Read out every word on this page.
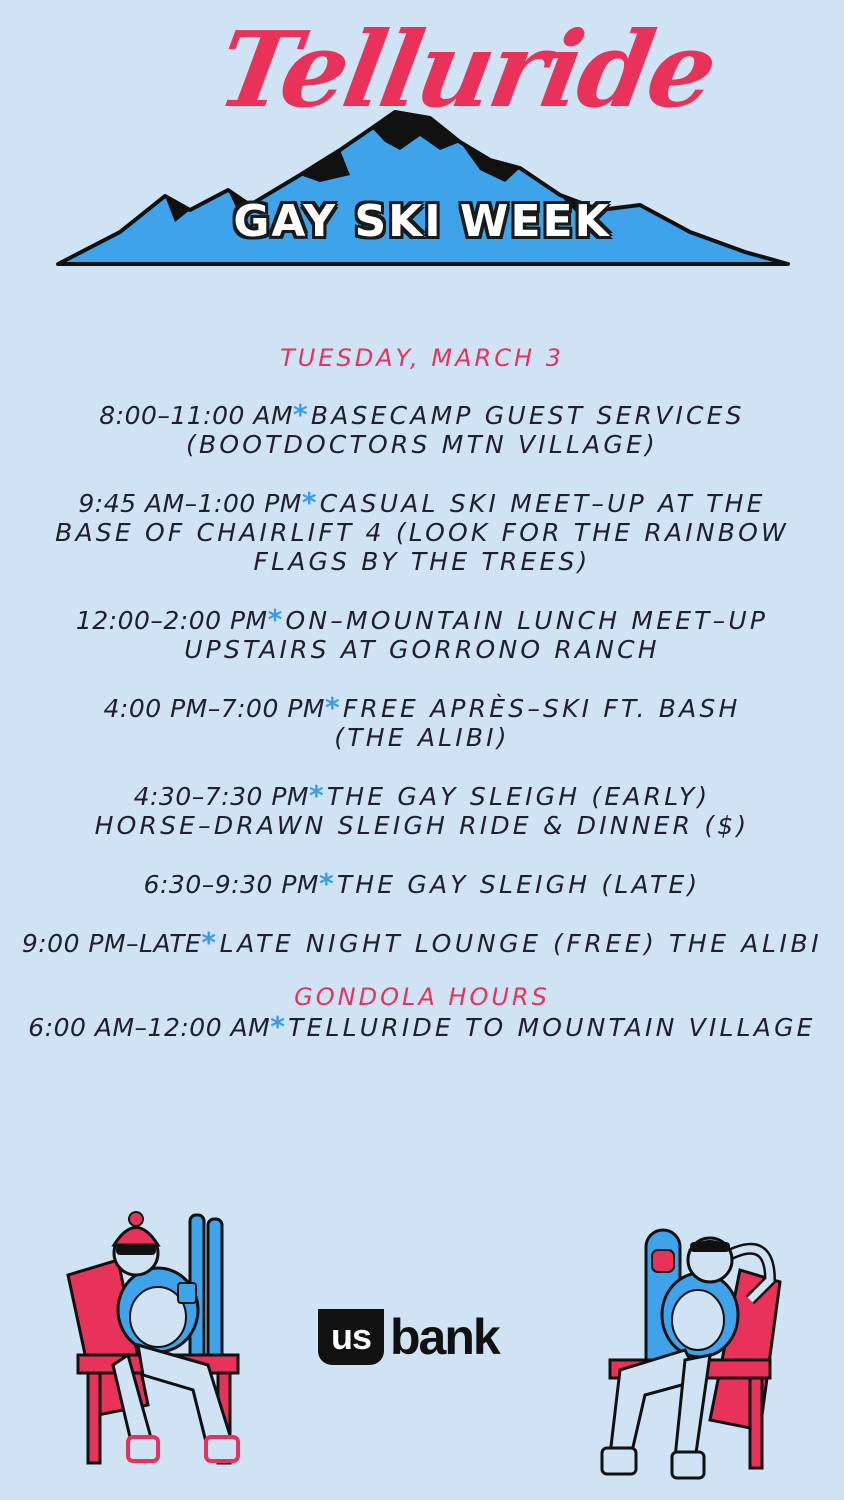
Telluride
GAY SKI WEEK
TUESDAY, MARCH 3
8:00–11:00 AM*BASECAMP GUEST SERVICES
(BOOTDOCTORS MTN VILLAGE)
9:45 AM–1:00 PM*CASUAL SKI MEET–UP AT THE
BASE OF CHAIRLIFT 4 (LOOK FOR THE RAINBOW
FLAGS BY THE TREES)
12:00–2:00 PM*ON–MOUNTAIN LUNCH MEET–UP
UPSTAIRS AT GORRONO RANCH
4:00 PM–7:00 PM*FREE APRÈS–SKI FT. BASH
(THE ALIBI)
4:30–7:30 PM*THE GAY SLEIGH (EARLY)
HORSE–DRAWN SLEIGH RIDE & DINNER ($)
6:30–9:30 PM*THE GAY SLEIGH (LATE)
9:00 PM–LATE*LATE NIGHT LOUNGE (FREE) THE ALIBI
GONDOLA HOURS
6:00 AM–12:00 AM*TELLURIDE TO MOUNTAIN VILLAGE
us bank
